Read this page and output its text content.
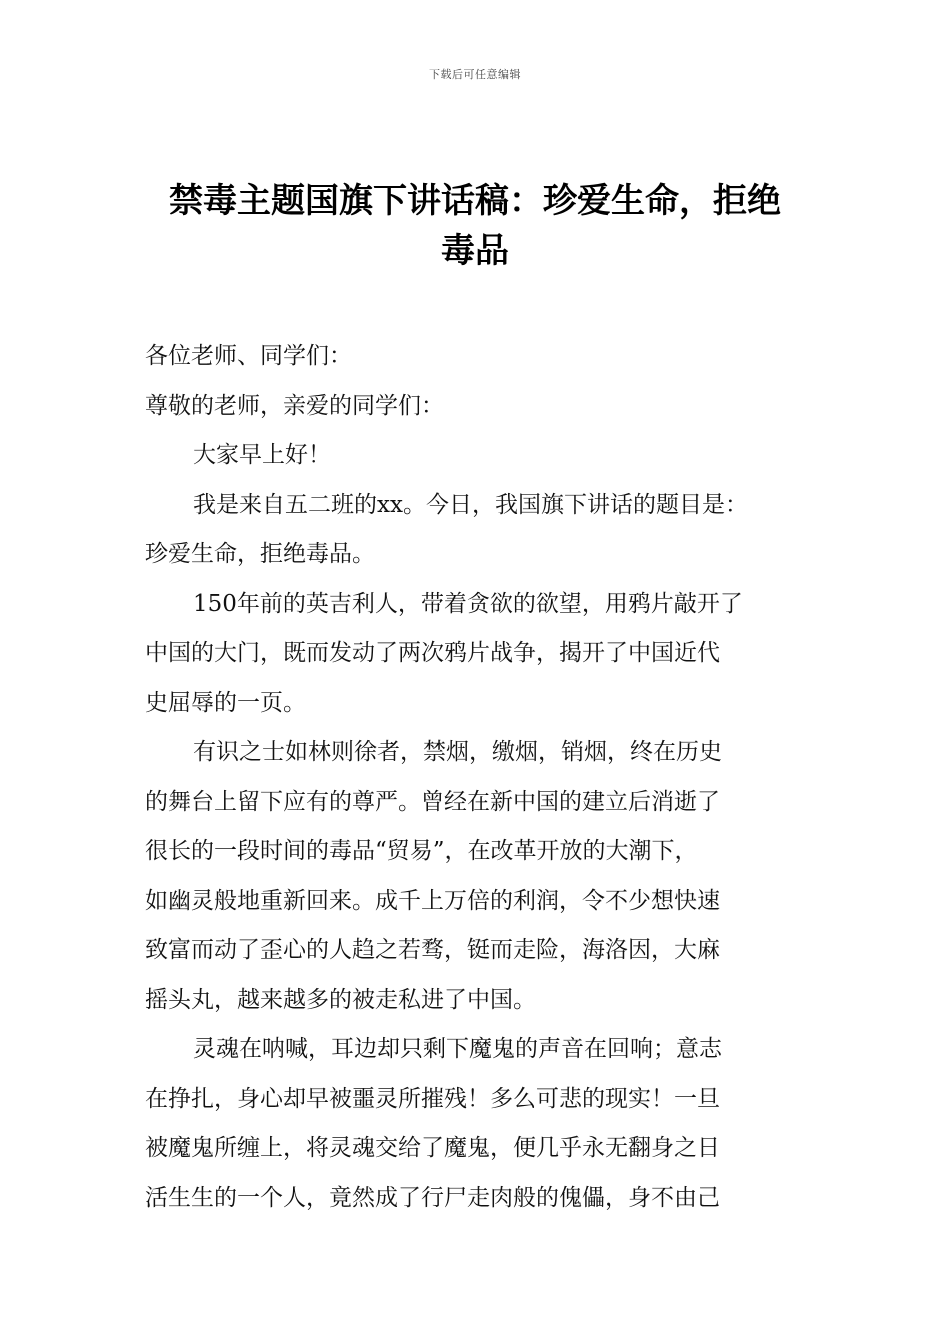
下载后可任意编辑
禁毒主题国旗下讲话稿：珍爱生命，拒绝
毒品
各位老师、同学们：
尊敬的老师，亲爱的同学们：
大家早上好！
我是来自五二班的xx。今日，我国旗下讲话的题目是：
珍爱生命，拒绝毒品。
150年前的英吉利人，带着贪欲的欲望，用鸦片敲开了
中国的大门，既而发动了两次鸦片战争，揭开了中国近代
史屈辱的一页。
有识之士如林则徐者，禁烟，缴烟，销烟，终在历史
的舞台上留下应有的尊严。曾经在新中国的建立后消逝了
很长的一段时间的毒品“贸易”，在改革开放的大潮下，
如幽灵般地重新回来。成千上万倍的利润，令不少想快速
致富而动了歪心的人趋之若骛，铤而走险，海洛因，大麻
摇头丸，越来越多的被走私进了中国。
灵魂在呐喊，耳边却只剩下魔鬼的声音在回响；意志
在挣扎，身心却早被噩灵所摧残！多么可悲的现实！一旦
被魔鬼所缠上，将灵魂交给了魔鬼，便几乎永无翻身之日
活生生的一个人，竟然成了行尸走肉般的傀儡，身不由己
